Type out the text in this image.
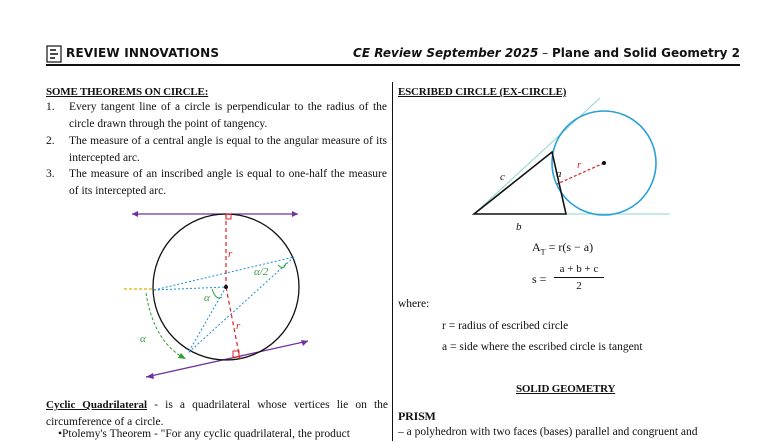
REVIEW INNOVATIONS	CE Review September 2025 – Plane and Solid Geometry 2
SOME THEOREMS ON CIRCLE:
1. Every tangent line of a circle is perpendicular to the radius of the circle drawn through the point of tangency.
2. The measure of a central angle is equal to the angular measure of its intercepted arc.
3. The measure of an inscribed angle is equal to one-half the measure of its intercepted arc.
r
r
α/2
α
α
Cyclic Quadrilateral - is a quadrilateral whose vertices lie on the circumference of a circle.
•Ptolemy's Theorem - "For any cyclic quadrilateral, the product
ESCRIBED CIRCLE (EX-CIRCLE)
c	a
b
r
$A_T = r(s - a)$
s =
a + b + c
2
where:
r = radius of escribed circle
a = side where the escribed circle is tangent
SOLID GEOMETRY
PRISM
– a polyhedron with two faces (bases) parallel and congruent and
